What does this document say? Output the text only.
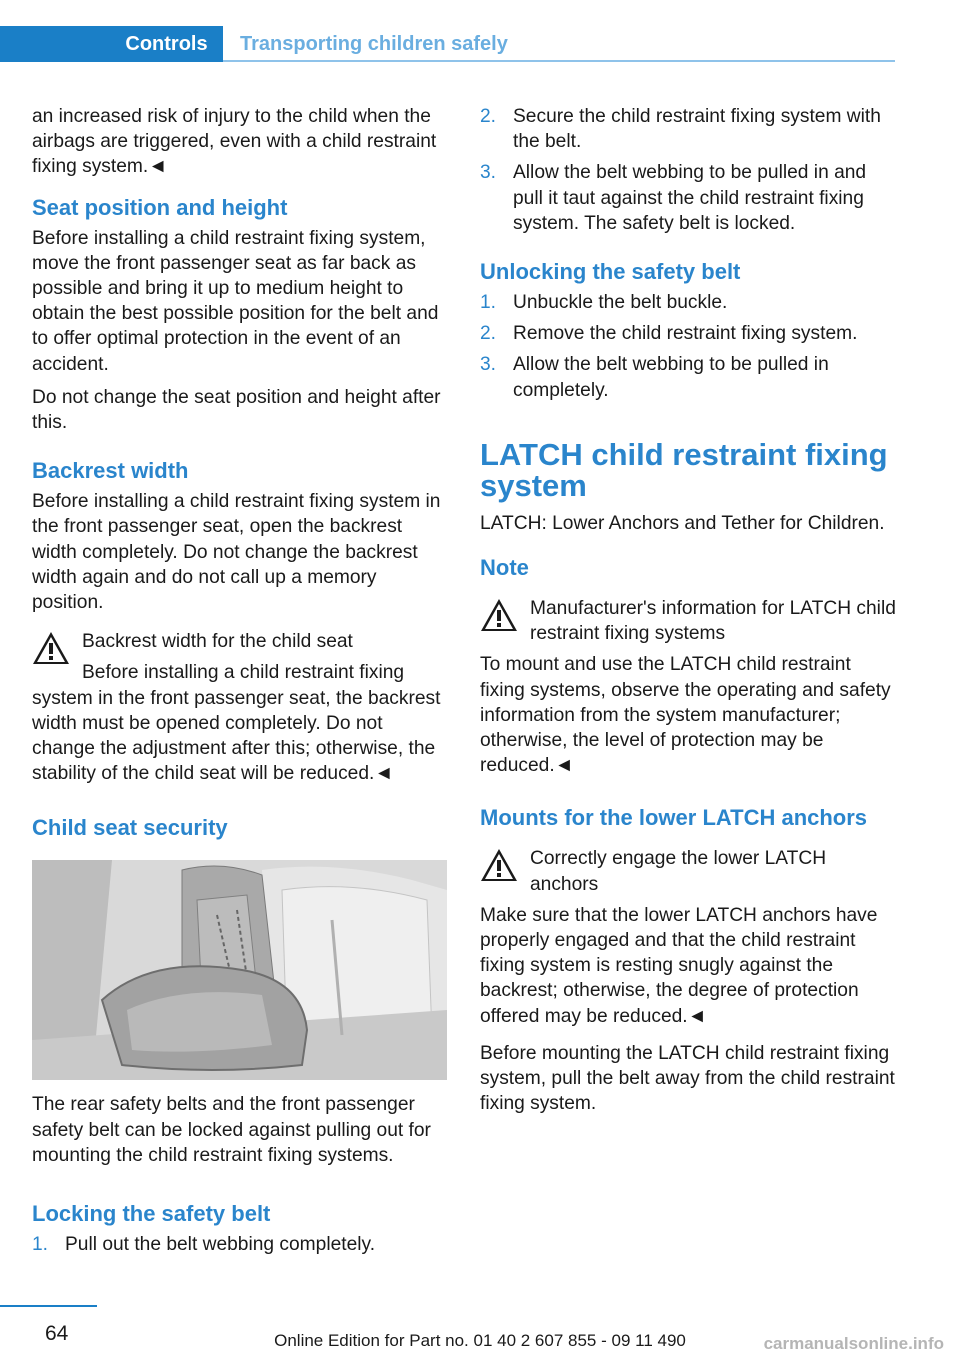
Controls	Transporting children safely

an increased risk of injury to the child when the airbags are triggered, even with a child restraint fixing system.◄

Seat position and height

Before installing a child restraint fixing system, move the front passenger seat as far back as possible and bring it up to medium height to obtain the best possible position for the belt and to offer optimal protection in the event of an accident.

Do not change the seat position and height after this.

Backrest width

Before installing a child restraint fixing system in the front passenger seat, open the backrest width completely. Do not change the backrest width again and do not call up a memory position.

Backrest width for the child seat

Before installing a child restraint fixing system in the front passenger seat, the backrest width must be opened completely. Do not change the adjustment after this; otherwise, the stability of the child seat will be reduced.◄

Child seat security

The rear safety belts and the front passenger safety belt can be locked against pulling out for mounting the child restraint fixing systems.

Locking the safety belt
1. Pull out the belt webbing completely.
2. Secure the child restraint fixing system with the belt.
3. Allow the belt webbing to be pulled in and pull it taut against the child restraint fixing system. The safety belt is locked.
Unlocking the safety belt
1. Unbuckle the belt buckle.
2. Remove the child restraint fixing system.
3. Allow the belt webbing to be pulled in completely.
LATCH child restraint fixing system

LATCH: Lower Anchors and Tether for Children.

Note
Manufacturer's information for LATCH child restraint fixing systems

To mount and use the LATCH child restraint fixing systems, observe the operating and safety information from the system manufacturer; otherwise, the level of protection may be reduced.◄

Mounts for the lower LATCH anchors
Correctly engage the lower LATCH anchors

Make sure that the lower LATCH anchors have properly engaged and that the child restraint fixing system is resting snugly against the backrest; otherwise, the degree of protection offered may be reduced.◄

Before mounting the LATCH child restraint fixing system, pull the belt away from the child restraint fixing system.

64	Online Edition for Part no. 01 40 2 607 855 - 09 11 490	carmanualsonline.info
